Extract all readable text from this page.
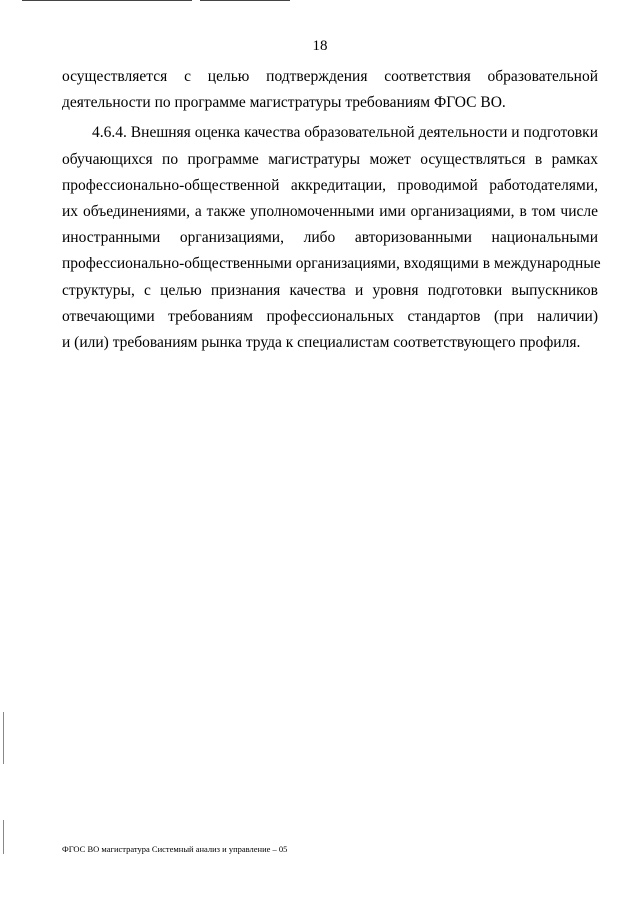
18
осуществляется с целью подтверждения соответствия образовательной
деятельности по программе магистратуры требованиям ФГОС ВО.
4.6.4. Внешняя оценка качества образовательной деятельности и подготовки
обучающихся по программе магистратуры может осуществляться в рамках
профессионально-общественной аккредитации, проводимой работодателями,
их объединениями, а также уполномоченными ими организациями, в том числе
иностранными организациями, либо авторизованными национальными
профессионально-общественными организациями, входящими в международные
структуры, с целью признания качества и уровня подготовки выпускников
отвечающими требованиям профессиональных стандартов (при наличии)
и (или) требованиям рынка труда к специалистам соответствующего профиля.
ФГОС ВО магистратура Системный анализ и управление – 05
